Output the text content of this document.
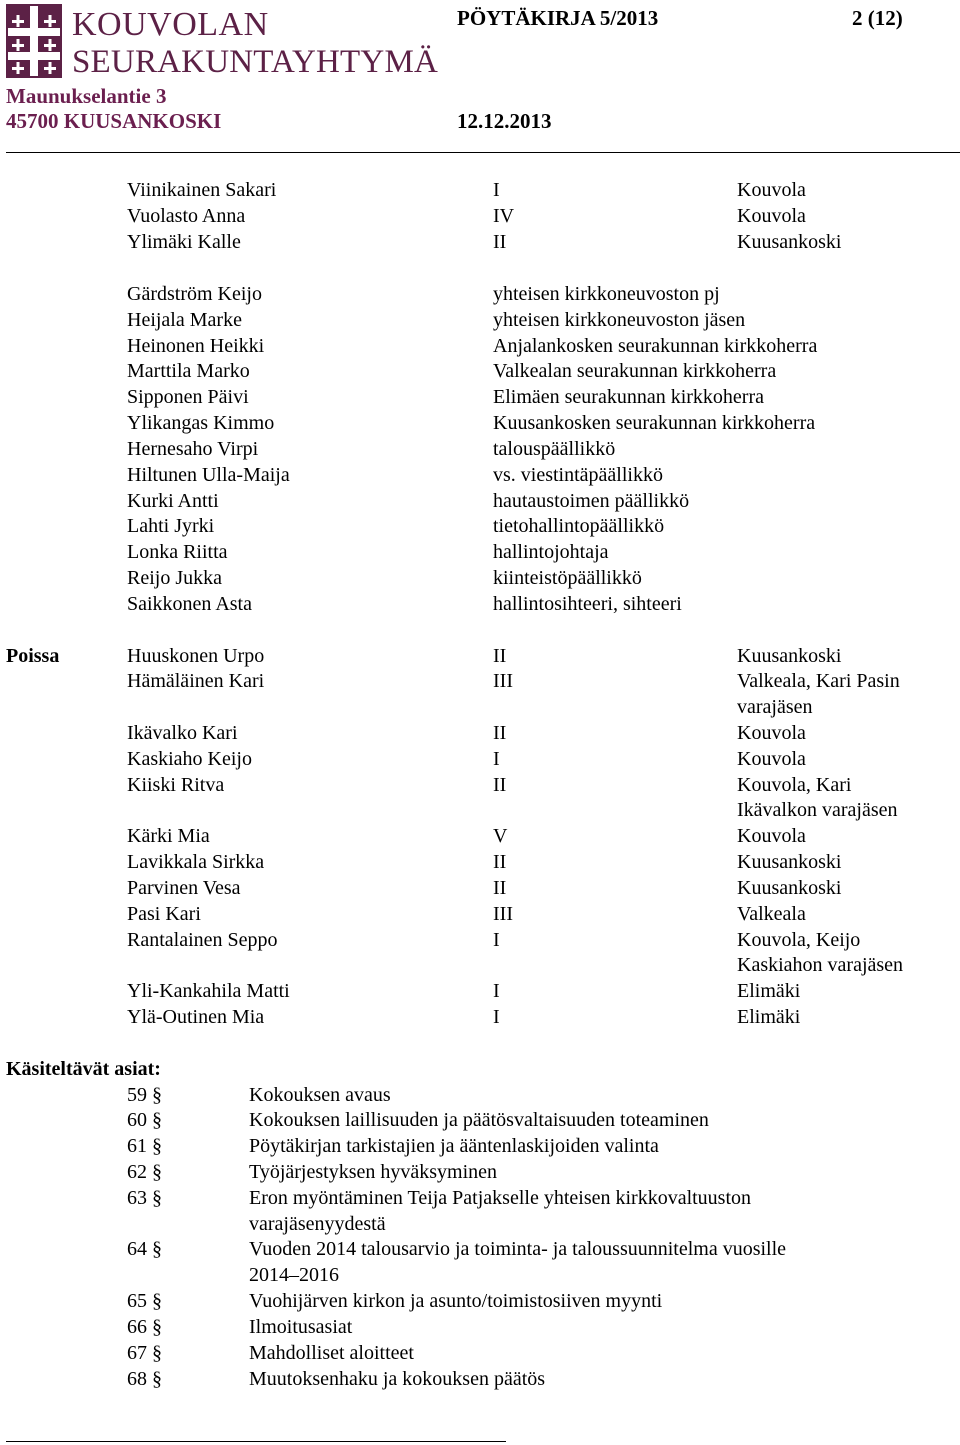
KOUVOLAN
SEURAKUNTAYHTYMÄ
PÖYTÄKIRJA 5/2013	2 (12)
Maunukselantie 3
45700 KUUSANKOSKI	12.12.2013
Viinikainen Sakari	I	Kouvola
Vuolasto Anna	IV	Kouvola
Ylimäki Kalle	II	Kuusankoski
Gärdström Keijo	yhteisen kirkkoneuvoston pj
Heijala Marke	yhteisen kirkkoneuvoston jäsen
Heinonen Heikki	Anjalankosken seurakunnan kirkkoherra
Marttila Marko	Valkealan seurakunnan kirkkoherra
Sipponen Päivi	Elimäen seurakunnan kirkkoherra
Ylikangas Kimmo	Kuusankosken seurakunnan kirkkoherra
Hernesaho Virpi	talouspäällikkö
Hiltunen Ulla-Maija	vs. viestintäpäällikkö
Kurki Antti	hautaustoimen päällikkö
Lahti Jyrki	tietohallintopäällikkö
Lonka Riitta	hallintojohtaja
Reijo Jukka	kiinteistöpäällikkö
Saikkonen Asta	hallintosihteeri, sihteeri
Poissa	Huuskonen Urpo	II	Kuusankoski
Hämäläinen Kari	III	Valkeala, Kari Pasin
varajäsen
Ikävalko Kari	II	Kouvola
Kaskiaho Keijo	I	Kouvola
Kiiski Ritva	II	Kouvola, Kari
Ikävalkon varajäsen
Kärki Mia	V	Kouvola
Lavikkala Sirkka	II	Kuusankoski
Parvinen Vesa	II	Kuusankoski
Pasi Kari	III	Valkeala
Rantalainen Seppo	I	Kouvola, Keijo
Kaskiahon varajäsen
Yli-Kankahila Matti	I	Elimäki
Ylä-Outinen Mia	I	Elimäki
Käsiteltävät asiat:
59 §	Kokouksen avaus
60 §	Kokouksen laillisuuden ja päätösvaltaisuuden toteaminen
61 §	Pöytäkirjan tarkistajien ja ääntenlaskijoiden valinta
62 §	Työjärjestyksen hyväksyminen
63 §	Eron myöntäminen Teija Patjakselle yhteisen kirkkovaltuuston
varajäsenyydestä
64 §	Vuoden 2014 talousarvio ja toiminta- ja taloussuunnitelma vuosille
2014–2016
65 §	Vuohijärven kirkon ja asunto/toimistosiiven myynti
66 §	Ilmoitusasiat
67 §	Mahdolliset aloitteet
68 §	Muutoksenhaku ja kokouksen päätös
